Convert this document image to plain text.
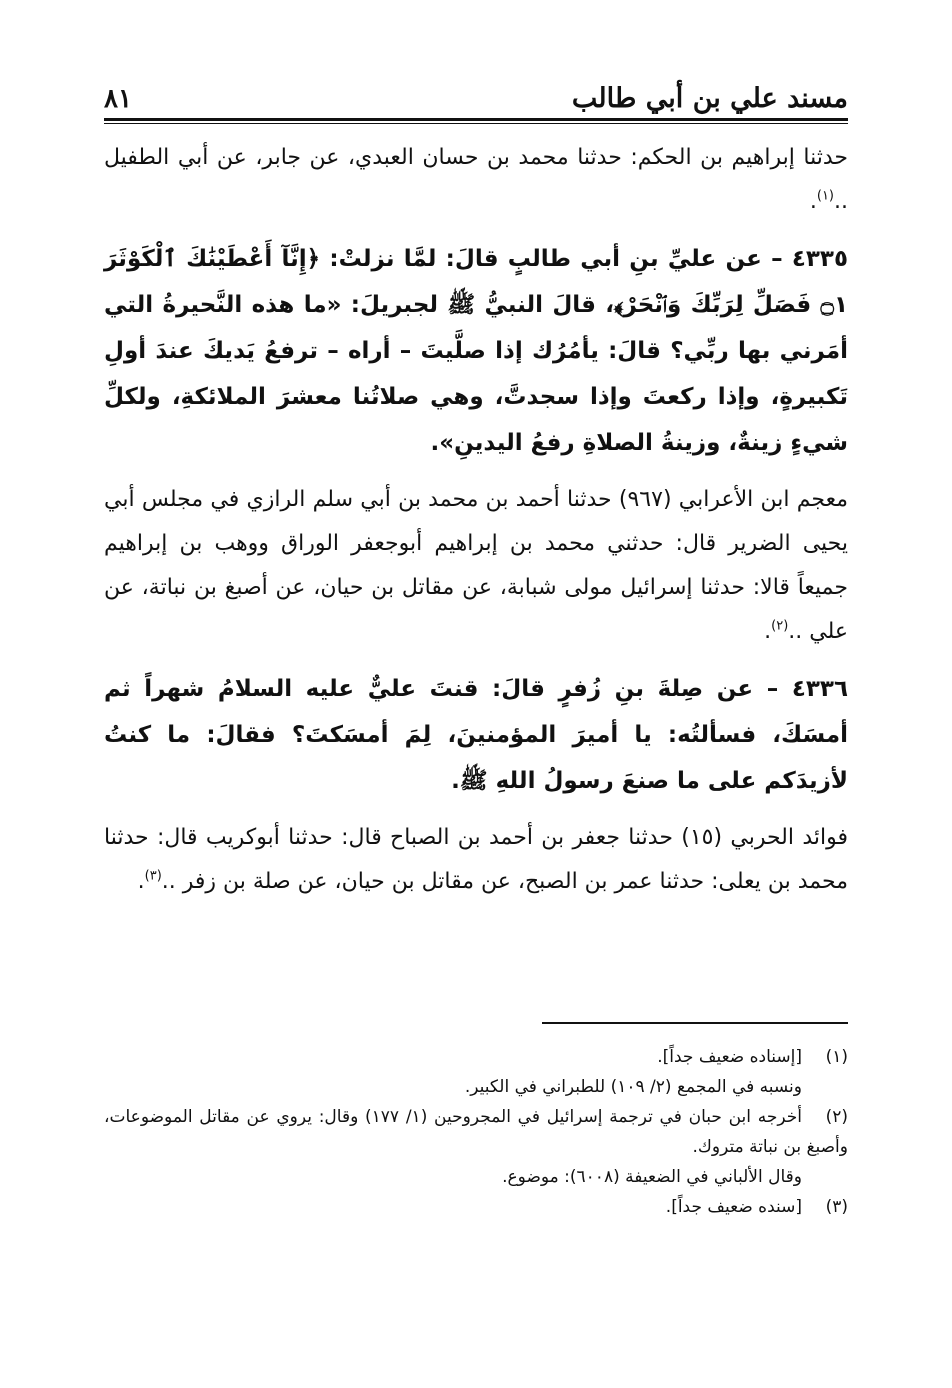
٨١	مسند علي بن أبي طالب

حدثنا إبراهيم بن الحكم: حدثنا محمد بن حسان العبدي، عن جابر، عن أبي الطفيل ..$^{(١)}$.

٤٣٣٥ – عن عليِّ بنِ أبي طالبٍ قالَ: لمَّا نزلتْ: ﴿إِنَّآ أَعْطَيْنَٰكَ ٱلْكَوْثَرَ ۝١ فَصَلِّ لِرَبِّكَ وَٱنْحَرْ﴾، قالَ النبيُّ ﷺ لجبريلَ: «ما هذه النَّحيرةُ التي أمَرني بها ربِّي؟ قالَ: يأمُرُك إذا صلَّيتَ – أراه – ترفعُ يَديكَ عندَ أولِ تَكبيرةٍ، وإذا ركعتَ وإذا سجدتَّ، وهي صلاتُنا معشرَ الملائكةِ، ولكلِّ شيءٍ زينةٌ، وزينةُ الصلاةِ رفعُ اليدينِ».

معجم ابن الأعرابي (٩٦٧) حدثنا أحمد بن محمد بن أبي سلم الرازي في مجلس أبي يحيى الضرير قال: حدثني محمد بن إبراهيم أبوجعفر الوراق ووهب بن إبراهيم جميعاً قالا: حدثنا إسرائيل مولى شبابة، عن مقاتل بن حيان، عن أصبغ بن نباتة، عن علي ..$^{(٢)}$.

٤٣٣٦ – عن صِلةَ بنِ زُفرٍ قالَ: قنتَ عليٌّ عليه السلامُ شهراً ثم أمسَكَ، فسألتُه: يا أميرَ المؤمنينَ، لِمَ أمسَكتَ؟ فقالَ: ما كنتُ لأزيدَكم على ما صنعَ رسولُ اللهِ ﷺ.

فوائد الحربي (١٥) حدثنا جعفر بن أحمد بن الصباح قال: حدثنا أبوكريب قال: حدثنا محمد بن يعلى: حدثنا عمر بن الصبح، عن مقاتل بن حيان، عن صلة بن زفر ..$^{(٣)}$.

(١)[إسناده ضعيف جداً].

ونسبه في المجمع (٢/ ١٠٩) للطبراني في الكبير.

(٢)أخرجه ابن حبان في ترجمة إسرائيل في المجروحين (١/ ١٧٧) وقال: يروي عن مقاتل الموضوعات، وأصبغ بن نباتة متروك.

وقال الألباني في الضعيفة (٦٠٠٨): موضوع.

(٣)[سنده ضعيف جداً].
